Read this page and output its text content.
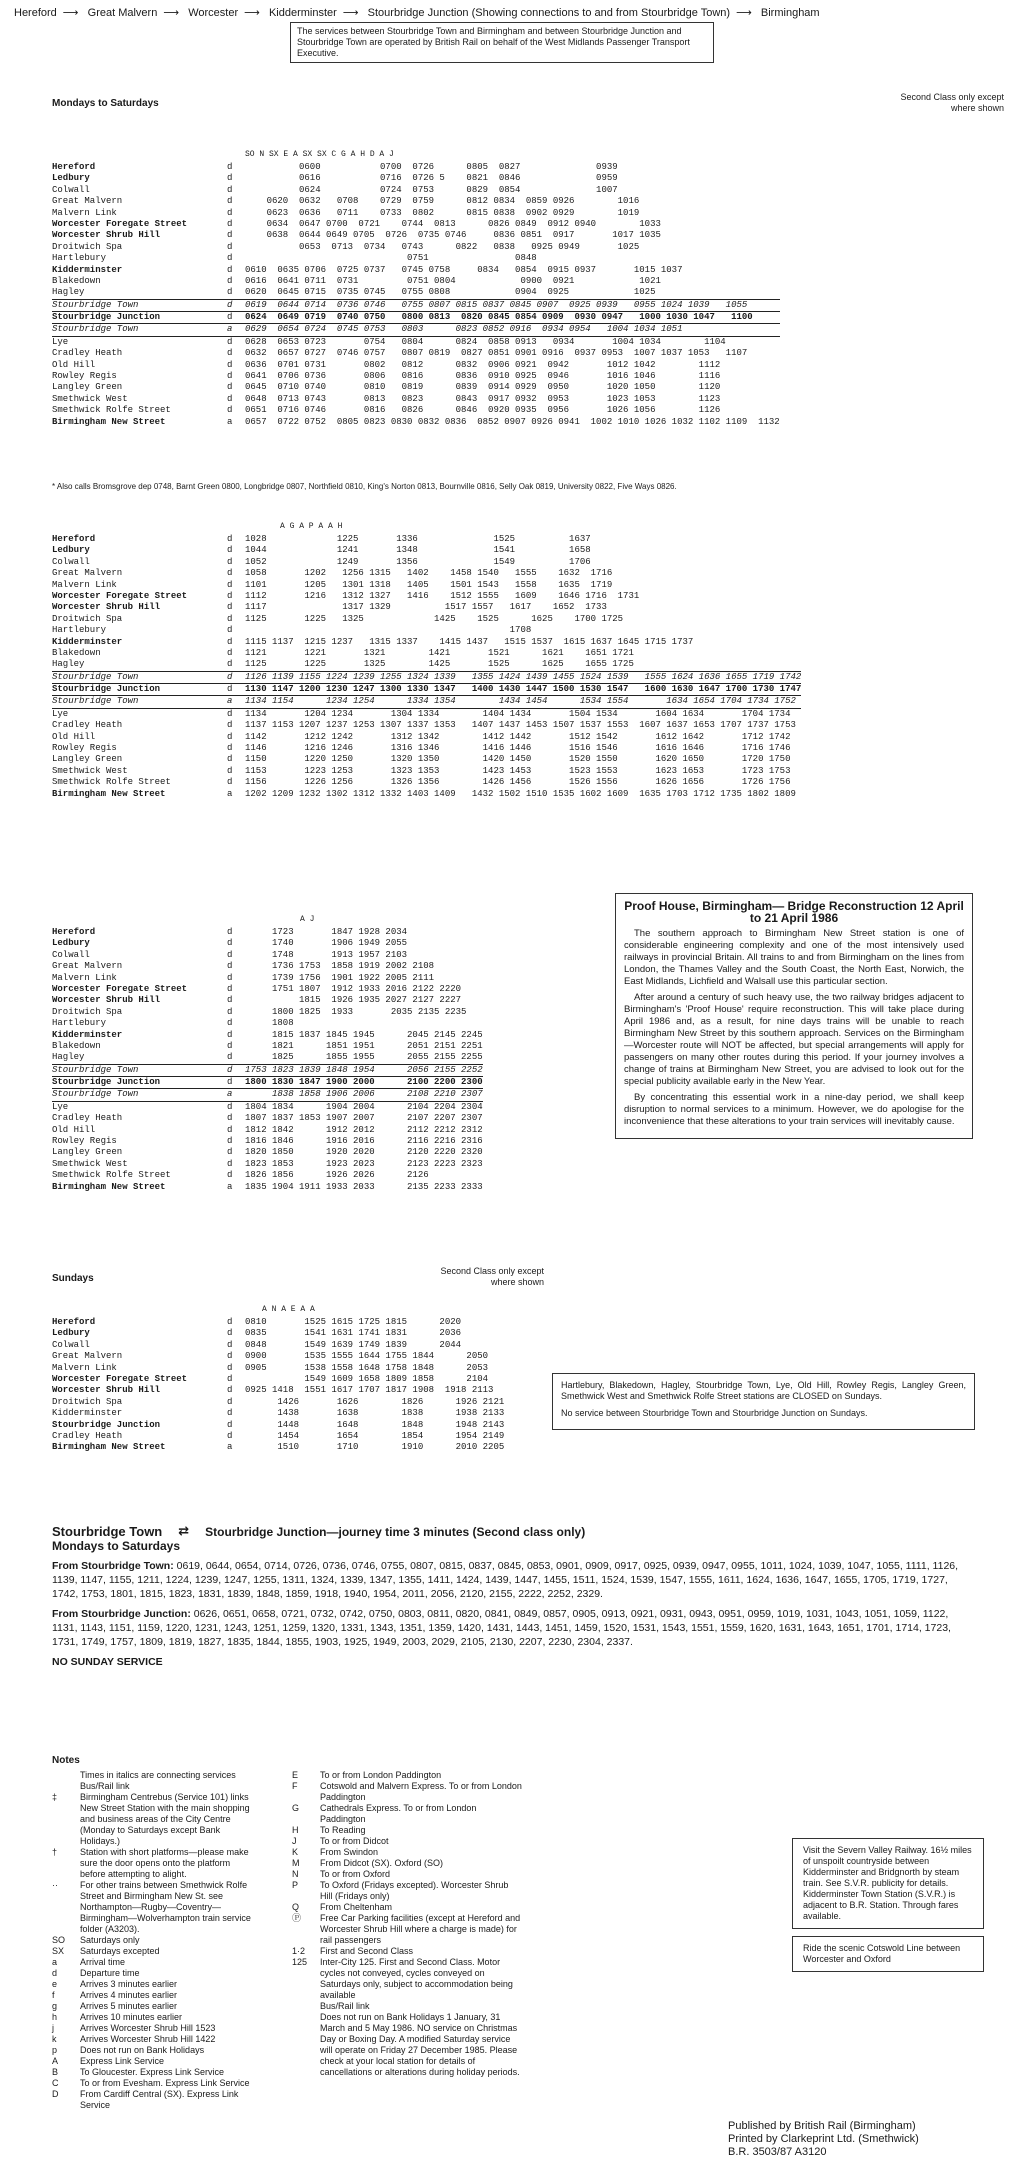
Hereford ⟶ Great Malvern ⟶ Worcester ⟶ Kidderminster ⟶ Stourbridge Junction (Showing connections to and from Stourbridge Town) ⟶ Birmingham
The services between Stourbridge Town and Birmingham and between Stourbridge Junction and Stourbridge Town are operated by British Rail on behalf of the West Midlands Passenger Transport Executive.
Mondays to Saturdays
Second Class only except where shown
SO N SX E A SX SX C G A H D A J
Hereford	d	0600           0700  0726      0805  0827              0939
Ledbury	d	0616           0716  0726 5    0821  0846              0959
Colwall	d	0624           0724  0753      0829  0854              1007
Great Malvern	d	0620  0632   0708    0729  0759      0812 0834  0859 0926        1016
Malvern Link	d	0623  0636   0711    0733  0802      0815 0838  0902 0929        1019
Worcester Foregate Street	d	0634  0647 0700  0721    0744  0813      0826 0849  0912 0940        1033
Worcester Shrub Hill	d	0638  0644 0649 0705  0726  0735 0746     0836 0851  0917       1017 1035
Droitwich Spa	d	0653  0713  0734   0743      0822   0838   0925 0949       1025
Hartlebury	d	0751                0848
Kidderminster	d	0610  0635 0706  0725 0737   0745 0758     0834   0854  0915 0937       1015 1037
Blakedown	d	0616  0641 0711  0731         0751 0804            0900  0921            1021
Hagley	d	0620  0645 0715  0735 0745   0755 0808            0904  0925            1025
Stourbridge Town	d	0619  0644 0714  0736 0746   0755 0807 0815 0837 0845 0907  0925 0939   0955 1024 1039   1055
Stourbridge Junction	d	0624  0649 0719  0740 0750   0800 0813  0820 0845 0854 0909  0930 0947   1000 1030 1047   1100
Stourbridge Town	a	0629  0654 0724  0745 0753   0803      0823 0852 0916  0934 0954   1004 1034 1051
Lye	d	0628  0653 0723       0754   0804      0824  0858 0913   0934       1004 1034        1104
Cradley Heath	d	0632  0657 0727  0746 0757   0807 0819  0827 0851 0901 0916  0937 0953  1007 1037 1053   1107
Old Hill	d	0636  0701 0731       0802   0812      0832  0906 0921  0942       1012 1042        1112
Rowley Regis	d	0641  0706 0736       0806   0816      0836  0910 0925  0946       1016 1046        1116
Langley Green	d	0645  0710 0740       0810   0819      0839  0914 0929  0950       1020 1050        1120
Smethwick West	d	0648  0713 0743       0813   0823      0843  0917 0932  0953       1023 1053        1123
Smethwick Rolfe Street	d	0651  0716 0746       0816   0826      0846  0920 0935  0956       1026 1056        1126
Birmingham New Street	a	0657  0722 0752  0805 0823 0830 0832 0836  0852 0907 0926 0941  1002 1010 1026 1032 1102 1109  1132
* Also calls Bromsgrove dep 0748, Barnt Green 0800, Longbridge 0807, Northfield 0810, King's Norton 0813, Bournville 0816, Selly Oak 0819, University 0822, Five Ways 0826.
A G A P A A H
Hereford	d	1028             1225       1336              1525          1637
Ledbury	d	1044             1241       1348              1541          1658
Colwall	d	1052             1249       1356              1549          1706
Great Malvern	d	1058       1202   1256 1315   1402    1458 1540   1555    1632  1716
Malvern Link	d	1101       1205   1301 1318   1405    1501 1543   1558    1635  1719
Worcester Foregate Street	d	1112       1216   1312 1327   1416    1512 1555   1609    1646 1716  1731
Worcester Shrub Hill	d	1117              1317 1329          1517 1557   1617    1652  1733
Droitwich Spa	d	1125       1225   1325             1425    1525      1625    1700 1725
Hartlebury	d	1708
Kidderminster	d	1115 1137  1215 1237   1315 1337    1415 1437   1515 1537  1615 1637 1645 1715 1737
Blakedown	d	1121       1221       1321        1421       1521      1621    1651 1721
Hagley	d	1125       1225       1325        1425       1525      1625    1655 1725
Stourbridge Town	d	1126 1139 1155 1224 1239 1255 1324 1339   1355 1424 1439 1455 1524 1539   1555 1624 1636 1655 1719 1742
Stourbridge Junction	d	1130 1147 1200 1230 1247 1300 1330 1347   1400 1430 1447 1500 1530 1547   1600 1630 1647 1700 1730 1747
Stourbridge Town	a	1134 1154      1234 1254      1334 1354        1434 1454      1534 1554       1634 1654 1704 1734 1752
Lye	d	1134       1204 1234       1304 1334        1404 1434       1504 1534       1604 1634       1704 1734
Cradley Heath	d	1137 1153 1207 1237 1253 1307 1337 1353   1407 1437 1453 1507 1537 1553  1607 1637 1653 1707 1737 1753
Old Hill	d	1142       1212 1242       1312 1342        1412 1442       1512 1542       1612 1642       1712 1742
Rowley Regis	d	1146       1216 1246       1316 1346        1416 1446       1516 1546       1616 1646       1716 1746
Langley Green	d	1150       1220 1250       1320 1350        1420 1450       1520 1550       1620 1650       1720 1750
Smethwick West	d	1153       1223 1253       1323 1353        1423 1453       1523 1553       1623 1653       1723 1753
Smethwick Rolfe Street	d	1156       1226 1256       1326 1356        1426 1456       1526 1556       1626 1656       1726 1756
Birmingham New Street	a	1202 1209 1232 1302 1312 1332 1403 1409   1432 1502 1510 1535 1602 1609  1635 1703 1712 1735 1802 1809
A J
Hereford	d	1723       1847 1928 2034
Ledbury	d	1740       1906 1949 2055
Colwall	d	1748       1913 1957 2103
Great Malvern	d	1736 1753  1858 1919 2002 2108
Malvern Link	d	1739 1756  1901 1922 2005 2111
Worcester Foregate Street	d	1751 1807  1912 1933 2016 2122 2220
Worcester Shrub Hill	d	1815  1926 1935 2027 2127 2227
Droitwich Spa	d	1800 1825  1933       2035 2135 2235
Hartlebury	d	1808
Kidderminster	d	1815 1837 1845 1945      2045 2145 2245
Blakedown	d	1821      1851 1951      2051 2151 2251
Hagley	d	1825      1855 1955      2055 2155 2255
Stourbridge Town	d	1753 1823 1839 1848 1954      2056 2155 2252
Stourbridge Junction	d	1800 1830 1847 1900 2000      2100 2200 2300
Stourbridge Town	a	1838 1858 1906 2006      2108 2210 2307
Lye	d	1804 1834      1904 2004      2104 2204 2304
Cradley Heath	d	1807 1837 1853 1907 2007      2107 2207 2307
Old Hill	d	1812 1842      1912 2012      2112 2212 2312
Rowley Regis	d	1816 1846      1916 2016      2116 2216 2316
Langley Green	d	1820 1850      1920 2020      2120 2220 2320
Smethwick West	d	1823 1853      1923 2023      2123 2223 2323
Smethwick Rolfe Street	d	1826 1856      1926 2026      2126
Birmingham New Street	a	1835 1904 1911 1933 2033      2135 2233 2333
Proof House, Birmingham— Bridge Reconstruction 12 April to 21 April 1986

The southern approach to Birmingham New Street station is one of considerable engineering complexity and one of the most intensively used railways in provincial Britain. All trains to and from Birmingham on the lines from London, the Thames Valley and the South Coast, the North East, Norwich, the East Midlands, Lichfield and Walsall use this particular section.

After around a century of such heavy use, the two railway bridges adjacent to Birmingham's 'Proof House' require reconstruction. This will take place during April 1986 and, as a result, for nine days trains will be unable to reach Birmingham New Street by this southern approach. Services on the Birmingham—Worcester route will NOT be affected, but special arrangements will apply for passengers on many other routes during this period. If your journey involves a change of trains at Birmingham New Street, you are advised to look out for the special publicity available early in the New Year.

By concentrating this essential work in a nine-day period, we shall keep disruption to normal services to a minimum. However, we do apologise for the inconvenience that these alterations to your train services will inevitably cause.

Sundays
Second Class only except where shown
A N A E A A
Hereford	d	0810       1525 1615 1725 1815      2020
Ledbury	d	0835       1541 1631 1741 1831      2036
Colwall	d	0848       1549 1639 1749 1839      2044
Great Malvern	d	0900       1535 1555 1644 1755 1844      2050
Malvern Link	d	0905       1538 1558 1648 1758 1848      2053
Worcester Foregate Street	d	1549 1609 1658 1809 1858      2104
Worcester Shrub Hill	d	0925 1418  1551 1617 1707 1817 1908  1918 2113
Droitwich Spa	d	1426       1626        1826      1926 2121
Kidderminster	d	1438       1638        1838      1938 2133
Stourbridge Junction	d	1448       1648        1848      1948 2143
Cradley Heath	d	1454       1654        1854      1954 2149
Birmingham New Street	a	1510       1710        1910      2010 2205

Hartlebury, Blakedown, Hagley, Stourbridge Town, Lye, Old Hill, Rowley Regis, Langley Green, Smethwick West and Smethwick Rolfe Street stations are CLOSED on Sundays.

No service between Stourbridge Town and Stourbridge Junction on Sundays.

Stourbridge Town ⇄ Stourbridge Junction—journey time 3 minutes (Second class only)
Mondays to Saturdays

From Stourbridge Town: 0619, 0644, 0654, 0714, 0726, 0736, 0746, 0755, 0807, 0815, 0837, 0845, 0853, 0901, 0909, 0917, 0925, 0939, 0947, 0955, 1011, 1024, 1039, 1047, 1055, 1111, 1126, 1139, 1147, 1155, 1211, 1224, 1239, 1247, 1255, 1311, 1324, 1339, 1347, 1355, 1411, 1424, 1439, 1447, 1455, 1511, 1524, 1539, 1547, 1555, 1611, 1624, 1636, 1647, 1655, 1705, 1719, 1727, 1742, 1753, 1801, 1815, 1823, 1831, 1839, 1848, 1859, 1918, 1940, 1954, 2011, 2056, 2120, 2155, 2222, 2252, 2329.

From Stourbridge Junction: 0626, 0651, 0658, 0721, 0732, 0742, 0750, 0803, 0811, 0820, 0841, 0849, 0857, 0905, 0913, 0921, 0931, 0943, 0951, 0959, 1019, 1031, 1043, 1051, 1059, 1122, 1131, 1143, 1151, 1159, 1220, 1231, 1243, 1251, 1259, 1320, 1331, 1343, 1351, 1359, 1420, 1431, 1443, 1451, 1459, 1520, 1531, 1543, 1551, 1559, 1620, 1631, 1643, 1651, 1701, 1714, 1723, 1731, 1749, 1757, 1809, 1819, 1827, 1835, 1844, 1855, 1903, 1925, 1949, 2003, 2029, 2105, 2130, 2207, 2230, 2304, 2337.

NO SUNDAY SERVICE

Notes
Times in italics are connecting services
Bus/Rail link
‡	Birmingham Centrebus (Service 101) links New Street Station with the main shopping and business areas of the City Centre (Monday to Saturdays except Bank Holidays.)
†	Station with short platforms—please make sure the door opens onto the platform before attempting to alight.
··	For other trains between Smethwick Rolfe Street and Birmingham New St. see Northampton—Rugby—Coventry—Birmingham—Wolverhampton train service folder (A3203).
SO	Saturdays only
SX	Saturdays excepted
a	Arrival time
d	Departure time
e	Arrives 3 minutes earlier
f	Arrives 4 minutes earlier
g	Arrives 5 minutes earlier
h	Arrives 10 minutes earlier
j	Arrives Worcester Shrub Hill 1523
k	Arrives Worcester Shrub Hill 1422
p	Does not run on Bank Holidays
A	Express Link Service
B	To Gloucester. Express Link Service
C	To or from Evesham. Express Link Service
D	From Cardiff Central (SX). Express Link Service
E	To or from London Paddington
F	Cotswold and Malvern Express. To or from London Paddington
G	Cathedrals Express. To or from London Paddington
H	To Reading
J	To or from Didcot
K	From Swindon
M	From Didcot (SX). Oxford (SO)
N	To or from Oxford
P	To Oxford (Fridays excepted). Worcester Shrub Hill (Fridays only)
Q	From Cheltenham
Ⓟ	Free Car Parking facilities (except at Hereford and Worcester Shrub Hill where a charge is made) for rail passengers
1·2	First and Second Class
125	Inter-City 125. First and Second Class. Motor cycles not conveyed, cycles conveyed on Saturdays only, subject to accommodation being available
Bus/Rail link
Does not run on Bank Holidays 1 January, 31 March and 5 May 1986. NO service on Christmas Day or Boxing Day. A modified Saturday service will operate on Friday 27 December 1985. Please check at your local station for details of cancellations or alterations during holiday periods.
Visit the Severn Valley Railway. 16½ miles of unspoilt countryside between Kidderminster and Bridgnorth by steam train. See S.V.R. publicity for details. Kidderminster Town Station (S.V.R.) is adjacent to B.R. Station. Through fares available.
Ride the scenic Cotswold Line between Worcester and Oxford
Published by British Rail (Birmingham)
Printed by Clarkeprint Ltd. (Smethwick)
B.R. 3503/87 A3120
